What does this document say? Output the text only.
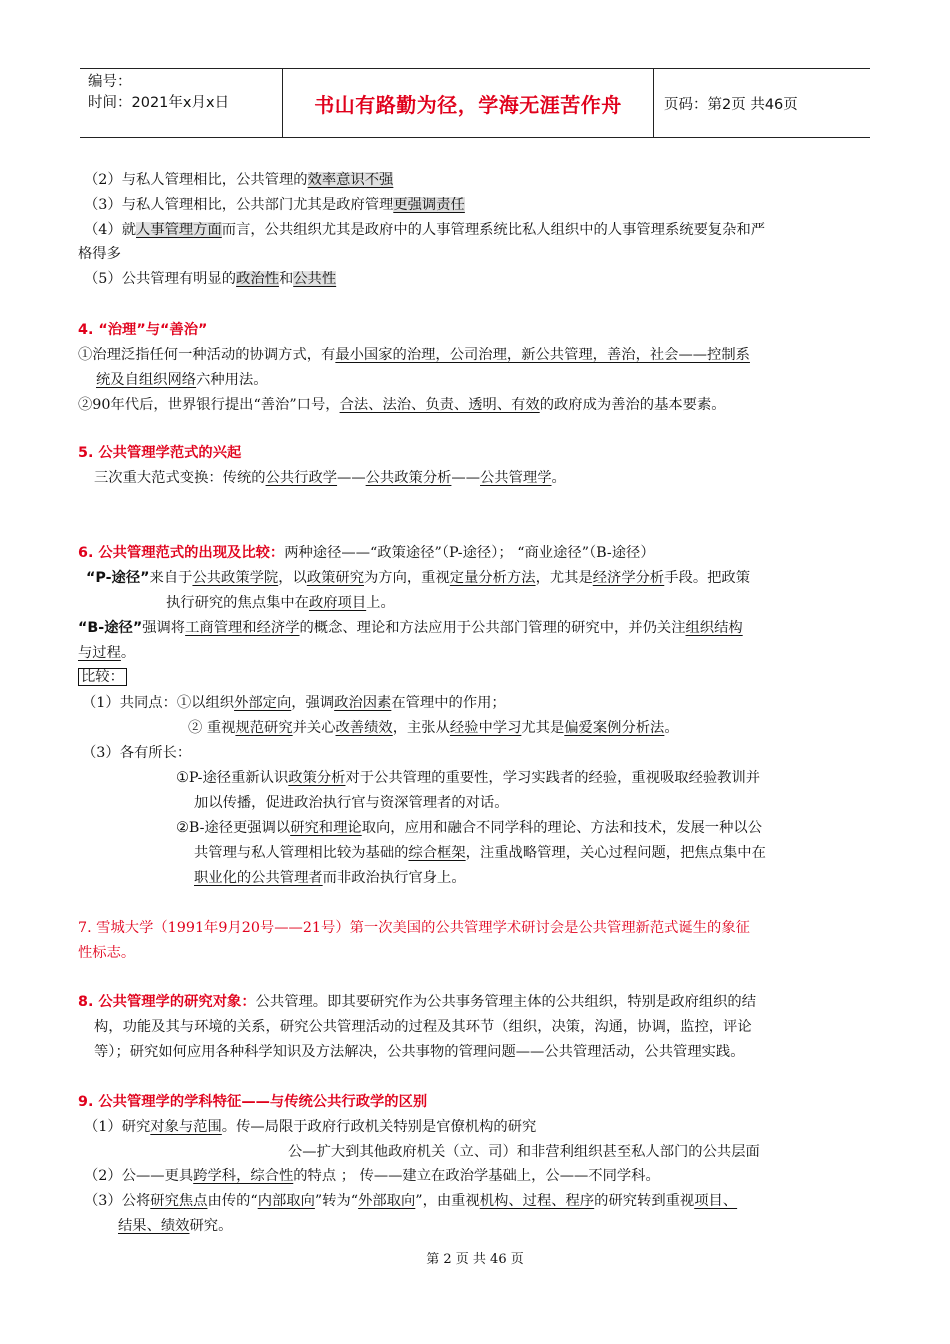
编号：
时间：2021年x月x日	书山有路勤为径，学海无涯苦作舟	页码：第2页 共46页
（2）与私人管理相比，公共管理的效率意识不强
（3）与私人管理相比，公共部门尤其是政府管理更强调责任
（4）就人事管理方面而言，公共组织尤其是政府中的人事管理系统比私人组织中的人事管理系统要复杂和严
格得多
（5）公共管理有明显的政治性和公共性
4. “治理”与“善治”
①治理泛指任何一种活动的协调方式，有最小国家的治理，公司治理，新公共管理，善治，社会——控制系
统及自组织网络六种用法。
②90年代后，世界银行提出“善治”口号，合法、法治、负责、透明、有效的政府成为善治的基本要素。
5. 公共管理学范式的兴起
三次重大范式变换：传统的公共行政学——公共政策分析——公共管理学。
6. 公共管理范式的出现及比较：两种途径——“政策途径”（P-途径）； “商业途径”（B-途径）
“P-途径”来自于公共政策学院，以政策研究为方向，重视定量分析方法，尤其是经济学分析手段。把政策
执行研究的焦点集中在政府项目上。
“B-途径”强调将工商管理和经济学的概念、理论和方法应用于公共部门管理的研究中，并仍关注组织结构
与过程。
比较：
（1）共同点：①以组织外部定向，强调政治因素在管理中的作用；
② 重视规范研究并关心改善绩效，主张从经验中学习尤其是偏爱案例分析法。
（3）各有所长：
①P-途径重新认识政策分析对于公共管理的重要性，学习实践者的经验，重视吸取经验教训并
加以传播，促进政治执行官与资深管理者的对话。
②B-途径更强调以研究和理论取向，应用和融合不同学科的理论、方法和技术，发展一种以公
共管理与私人管理相比较为基础的综合框架，注重战略管理，关心过程问题，把焦点集中在
职业化的公共管理者而非政治执行官身上。
7. 雪城大学（1991年9月20号——21号）第一次美国的公共管理学术研讨会是公共管理新范式诞生的象征
性标志。
8. 公共管理学的研究对象：公共管理。即其要研究作为公共事务管理主体的公共组织，特别是政府组织的结
构，功能及其与环境的关系，研究公共管理活动的过程及其环节（组织，决策，沟通，协调，监控，评论
等）；研究如何应用各种科学知识及方法解决，公共事物的管理问题——公共管理活动，公共管理实践。
9. 公共管理学的学科特征——与传统公共行政学的区别
（1）研究对象与范围。传—局限于政府行政机关特别是官僚机构的研究
公—扩大到其他政府机关（立、司）和非营利组织甚至私人部门的公共层面
（2）公——更具跨学科，综合性的特点 ； 传——建立在政治学基础上，公——不同学科。
（3）公将研究焦点由传的“内部取向”转为“外部取向”，由重视机构、过程、程序的研究转到重视项目、
结果、绩效研究。
第 2 页 共 46 页
